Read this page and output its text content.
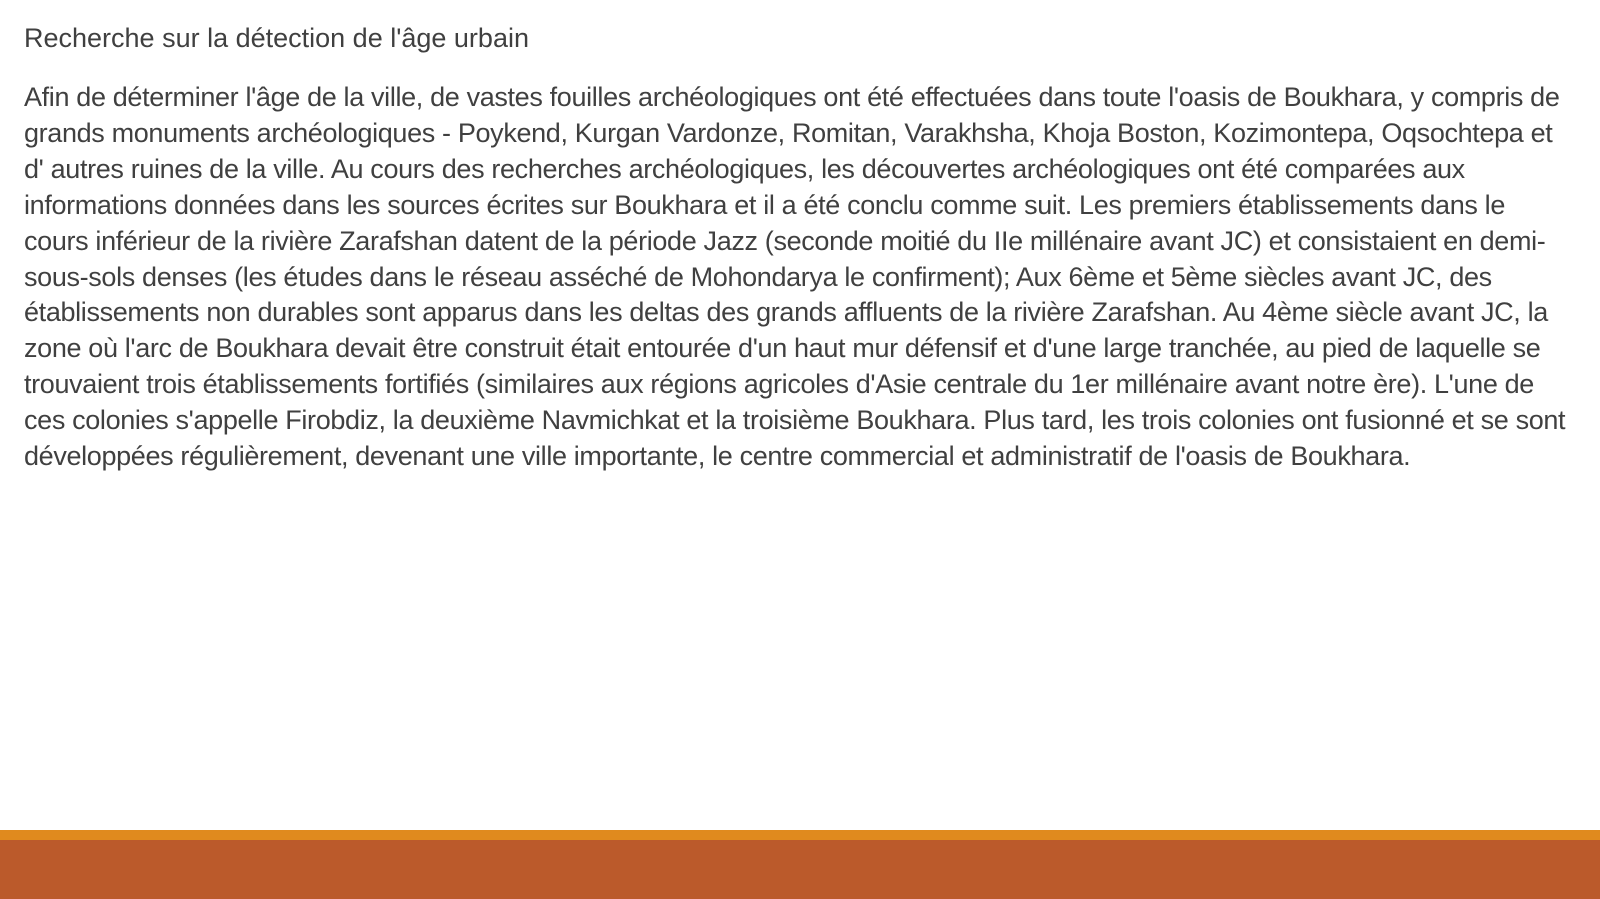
Recherche sur la détection de l'âge urbain

Afin de déterminer l'âge de la ville, de vastes fouilles archéologiques ont été effectuées dans toute l'oasis de Boukhara, y compris de grands monuments archéologiques - Poykend, Kurgan Vardonze, Romitan, Varakhsha, Khoja Boston, Kozimontepa, Oqsochtepa et d' autres ruines de la ville. Au cours des recherches archéologiques, les découvertes archéologiques ont été comparées aux informations données dans les sources écrites sur Boukhara et il a été conclu comme suit. Les premiers établissements dans le cours inférieur de la rivière Zarafshan datent de la période Jazz (seconde moitié du IIe millénaire avant JC) et consistaient en demi-sous-sols denses (les études dans le réseau asséché de Mohondarya le confirment); Aux 6ème et 5ème siècles avant JC, des établissements non durables sont apparus dans les deltas des grands affluents de la rivière Zarafshan. Au 4ème siècle avant JC, la zone où l'arc de Boukhara devait être construit était entourée d'un haut mur défensif et d'une large tranchée, au pied de laquelle se trouvaient trois établissements fortifiés (similaires aux régions agricoles d'Asie centrale du 1er millénaire avant notre ère). L'une de ces colonies s'appelle Firobdiz, la deuxième Navmichkat et la troisième Boukhara. Plus tard, les trois colonies ont fusionné et se sont développées régulièrement, devenant une ville importante, le centre commercial et administratif de l'oasis de Boukhara.
